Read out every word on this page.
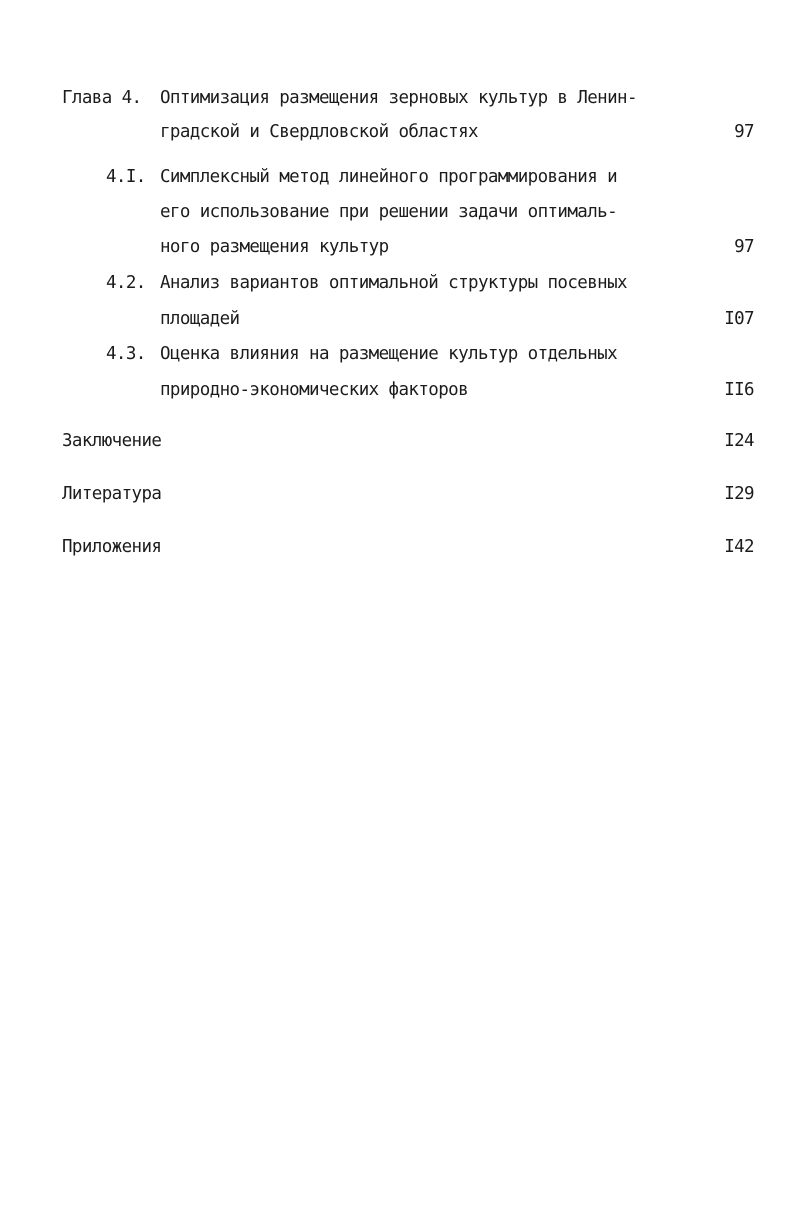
Глава 4. Оптимизация размещения зерновых культур в Ленин-
градской и Свердловской областях	97
4.I. Симплексный метод линейного программирования и
его использование при решении задачи оптималь-
ного размещения культур	97
4.2. Анализ вариантов оптимальной структуры посевных
площадей	I07
4.3. Оценка влияния на размещение культур отдельных
природно-экономических факторов	II6
Заключение	I24
Литература	I29
Приложения	I42
